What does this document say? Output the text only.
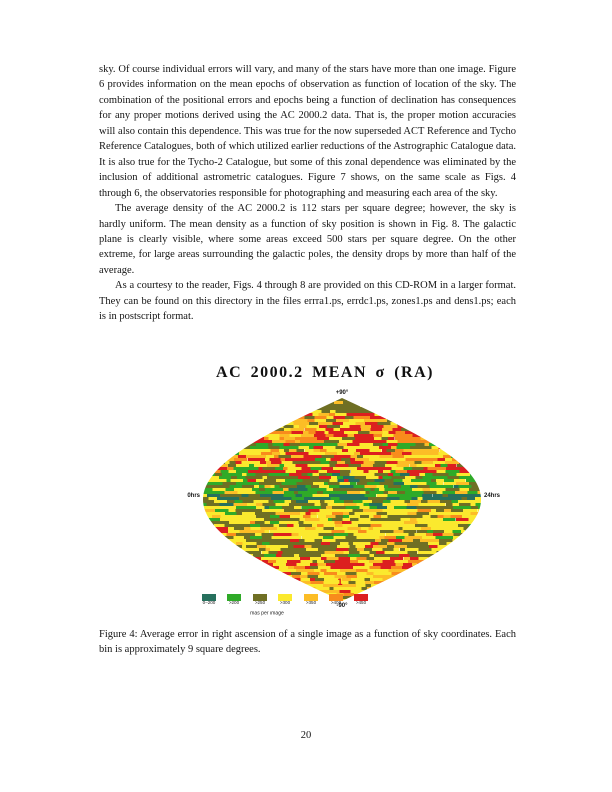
sky. Of course individual errors will vary, and many of the stars have more than one image. Figure 6 provides information on the mean epochs of observation as function of location of the sky. The combination of the positional errors and epochs being a function of declination has consequences for any proper motions derived using the AC 2000.2 data. That is, the proper motion accuracies will also contain this dependence. This was true for the now superseded ACT Reference and Tycho Reference Catalogues, both of which utilized earlier reductions of the Astrographic Catalogue data. It is also true for the Tycho-2 Catalogue, but some of this zonal dependence was eliminated by the inclusion of additional astrometric catalogues. Figure 7 shows, on the same scale as Figs. 4 through 6, the observatories responsible for photographing and measuring each area of the sky.

The average density of the AC 2000.2 is 112 stars per square degree; however, the sky is hardly uniform. The mean density as a function of sky position is shown in Fig. 8. The galactic plane is clearly visible, where some areas exceed 500 stars per square degree. On the other extreme, for large areas surrounding the galactic poles, the density drops by more than half of the average.

As a courtesy to the reader, Figs. 4 through 8 are provided on this CD-ROM in a larger format. They can be found on this directory in the files errra1.ps, errdc1.ps, zones1.ps and dens1.ps; each is in postscript format.

AC 2000.2 MEAN σ (RA)
+90°
0hrs	24hrs
1
-90°
0–200	>200	>250	>300	>350	>400	>450
mas per image

Figure 4: Average error in right ascension of a single image as a function of sky coordinates. Each bin is approximately 9 square degrees.

20
